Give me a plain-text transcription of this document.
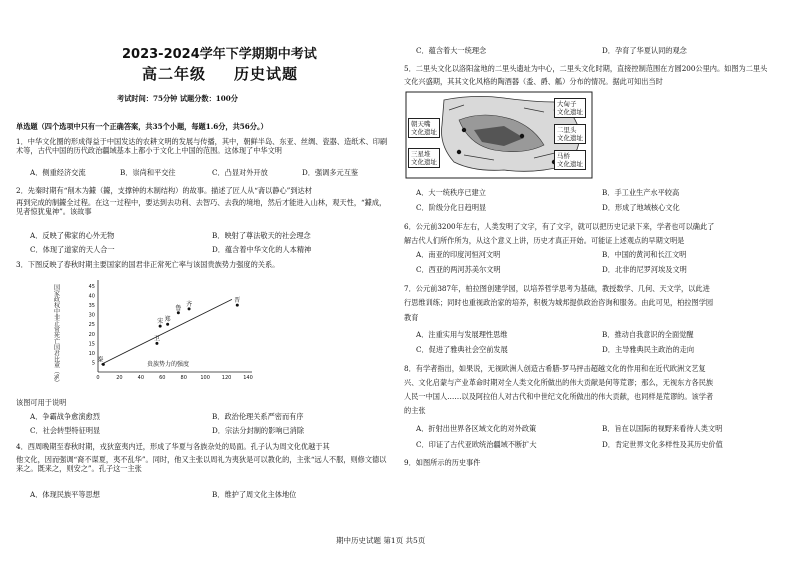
2023-2024学年下学期期中考试
高二年级 历史试题
考试时间：75分钟 试题分数：100分
单选题（四个选项中只有一个正确答案，共35个小题，每题1.6分，共56分。）
1．中华文化圈的形成得益于中国发达的农耕文明的发展与传播，其中，朝鲜半岛、东亚、丝绸、瓷器、造纸术、印刷术等，古代中国的历代政治疆域基本上都小于文化上中国的范围。这体现了中华文明
A．侧重经济交流	B．崇尚和平交往	C．凸显对外开放	D．强调多元互鉴
2．先秦时期有“削木为鐻（鐻，支撑钟的木制结构）的故事。描述了匠人从“斋以静心”到达材
再到完成的制鐻全过程。在这一过程中，要达到去功利、去智巧、去我的境地，然后才能进入山林，观天性，“鐻成，见者惊犹鬼神”。该故事
A．反映了佛家的心外无物	B．映射了尊法敬天的社会理念
C．体现了道家的天人合一	D．蕴含着中华文化的人本精神
3．下图反映了春秋时期主要国家的国君非正常死亡率与该国贵族势力强度的关系。
国家政权中非正常死亡国君比重（%）	5
10
15
20
25
30
35
40
45
0	20	40	60	80	100 120 140
贵族势力的强度
秦
卫
宋 郑
鲁
齐
晋
该图可用于说明
A．争霸战争愈演愈烈	B．政治伦理关系严密而有序
C．社会转型特征明显	D．宗法分封制的影响已消除
4．西周晚期至春秋时期，戎狄蛮夷内迁，形成了华夏与各族杂处的局面。孔子认为周文化优越于其
他文化，因而强调“裔不谋夏，夷不乱华”。同时，他又主张以周礼为夷狄是可以教化的，主张“远人不服，则修文德以来之。既来之，则安之”。孔子这一主张
A．体现民族平等思想	B．维护了周文化主体地位
C．蕴含着大一统理念	D．孕育了华夏认同的观念
5．二里头文化以洛阳盆地的二里头遗址为中心，二里头文化时期，直接控制范围在方圆200公里内。如图为二里头
文化兴盛期，其其文化风格的陶酒器（盉、爵、觚）分布的情况。据此可知出当时
朝天嘴
文化遗址
三星堆
文化遗址
大甸子
文化遗址
二里头
文化遗址
马桥
文化遗址
A．大一统秩序已建立	B．手工业生产水平较高
C．阶级分化日趋明显	D．形成了地域核心文化
6．公元前3200年左右，人类发明了文字，有了文字，就可以把历史记录下来，学者也可以确此了
解古代人们所作所为，从这个意义上讲，历史才真正开始。可能证上述观点的早期文明是
A．南亚的印度河恒河文明	B．中国的黄河和长江文明
C．西亚的两河苏美尔文明	D．北非的尼罗河埃及文明
7．公元前387年，柏拉图创建学园，以培养哲学思考为基础，教授数学、几何、天文学，以此进
行思维训练；同时也重视政治家的培养，积极为城邦提供政治咨询和服务。由此可见，柏拉图学园
教育
A．注重实用与发展理性思维	B．推动自我意识的全面觉醒
C．促进了雅典社会空前发展	D．主导雅典民主政治的走向
8．有学者指出，如果说，无视欧洲人创造古希腊-罗马抨击超越文化的作用和在近代欧洲文艺复
兴、文化启蒙与产业革命时期对全人类文化所做出的伟大贡献是何等荒谬；那么，无视东方各民族
人民一中国人……以及阿拉伯人对古代和中世纪文化所做出的伟大贡献，也同样是荒谬的。该学者
的主张
A．折射出世界各区域文化的对外政策	B．旨在以国际的视野来看待人类文明
C．印证了古代亚欧统治疆域不断扩大	D．肯定世界文化多样性及其历史价值
9．如图所示的历史事件
期中历史试题 第1页 共5页
